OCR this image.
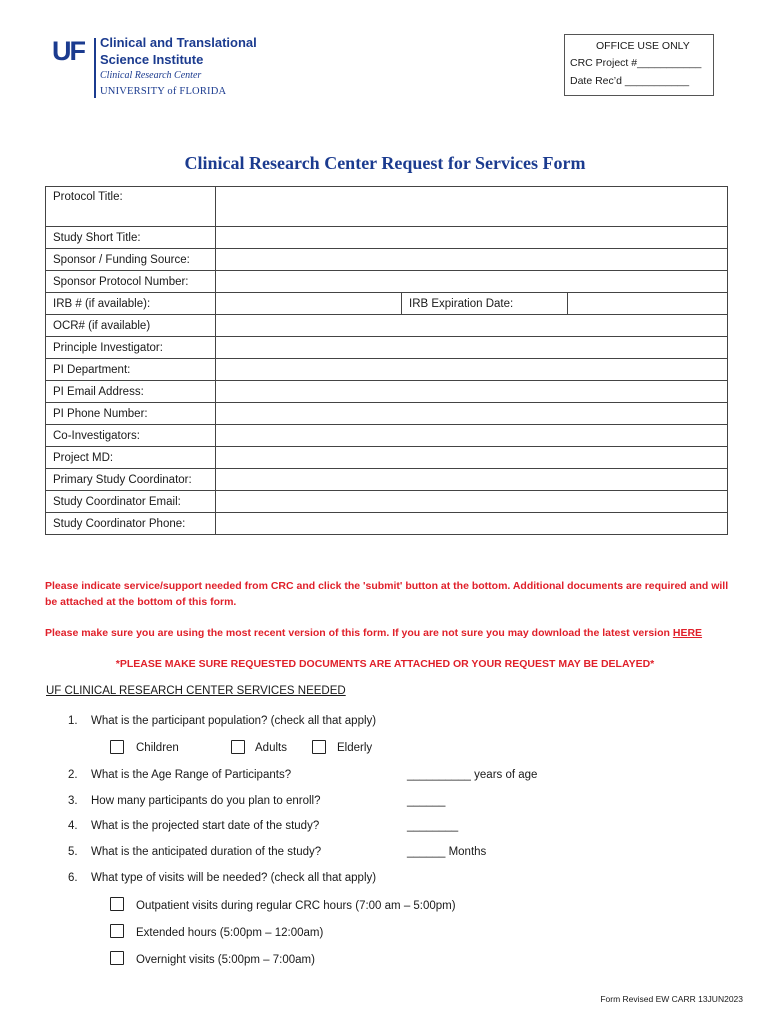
UF Clinical and Translational
Science Institute
Clinical Research Center
UNIVERSITY of FLORIDA
OFFICE USE ONLY
CRC Project #___________
Date Rec’d ___________
Clinical Research Center Request for Services Form
Protocol Title:			
Study Short Title:			
Sponsor / Funding Source:			
Sponsor Protocol Number:			
IRB # (if available):		IRB Expiration Date:	
OCR# (if available)			
Principle Investigator:			
PI Department:			
PI Email Address:			
PI Phone Number:			
Co-Investigators:			
Project MD:			
Primary Study Coordinator:			
Study Coordinator Email:			
Study Coordinator Phone:			
Please indicate service/support needed from CRC and click the 'submit' button at the bottom. Additional documents are required and will be attached at the bottom of this form.
Please make sure you are using the most recent version of this form. If you are not sure you may download the latest version HERE
*PLEASE MAKE SURE REQUESTED DOCUMENTS ARE ATTACHED OR YOUR REQUEST MAY BE DELAYED*
UF CLINICAL RESEARCH CENTER SERVICES NEEDED
1. What is the participant population? (check all that apply)
Children	Adults	Elderly
2. What is the Age Range of Participants?	__________ years of age
3. How many participants do you plan to enroll?	______
4. What is the projected start date of the study?	________
5. What is the anticipated duration of the study?	______ Months
6. What type of visits will be needed? (check all that apply)
Outpatient visits during regular CRC hours (7:00 am – 5:00pm)
Extended hours (5:00pm – 12:00am)
Overnight visits (5:00pm – 7:00am)
Form Revised EW CARR 13JUN2023
